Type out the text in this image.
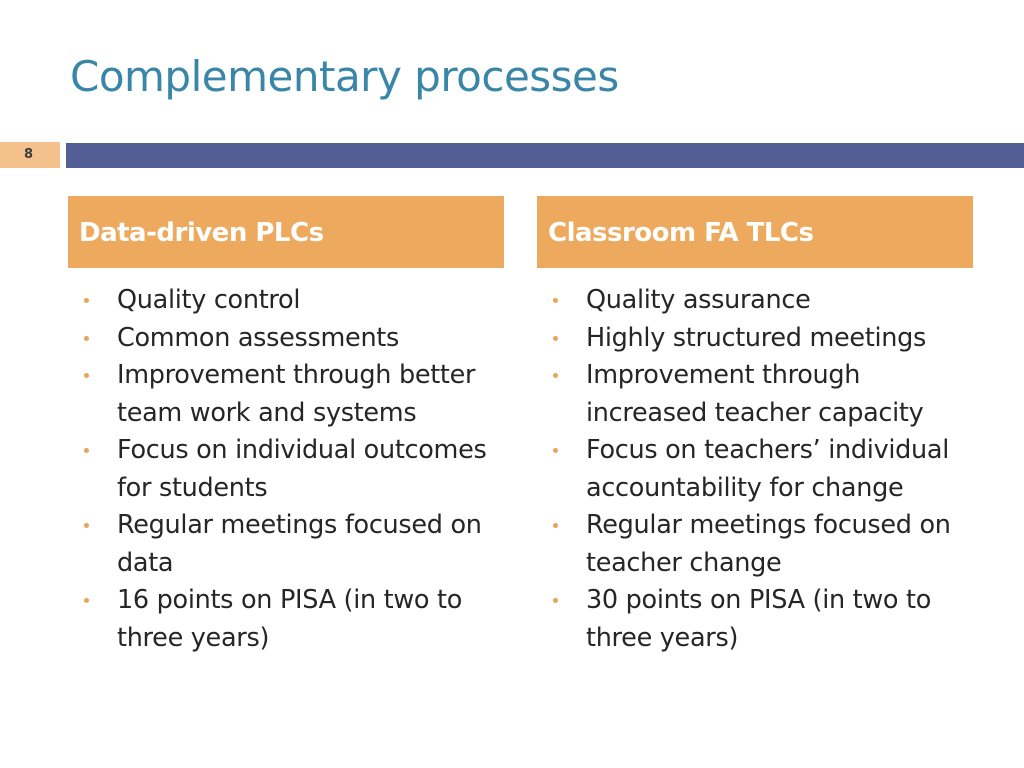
Complementary processes
8
Data-driven PLCs
Quality control
Common assessments
Improvement through better team work and systems
Focus on individual outcomes for students
Regular meetings focused on data
16 points on PISA (in two to three years)
Classroom FA TLCs
Quality assurance
Highly structured meetings
Improvement through increased teacher capacity
Focus on teachers’ individual accountability for change
Regular meetings focused on teacher change
30 points on PISA (in two to three years)
